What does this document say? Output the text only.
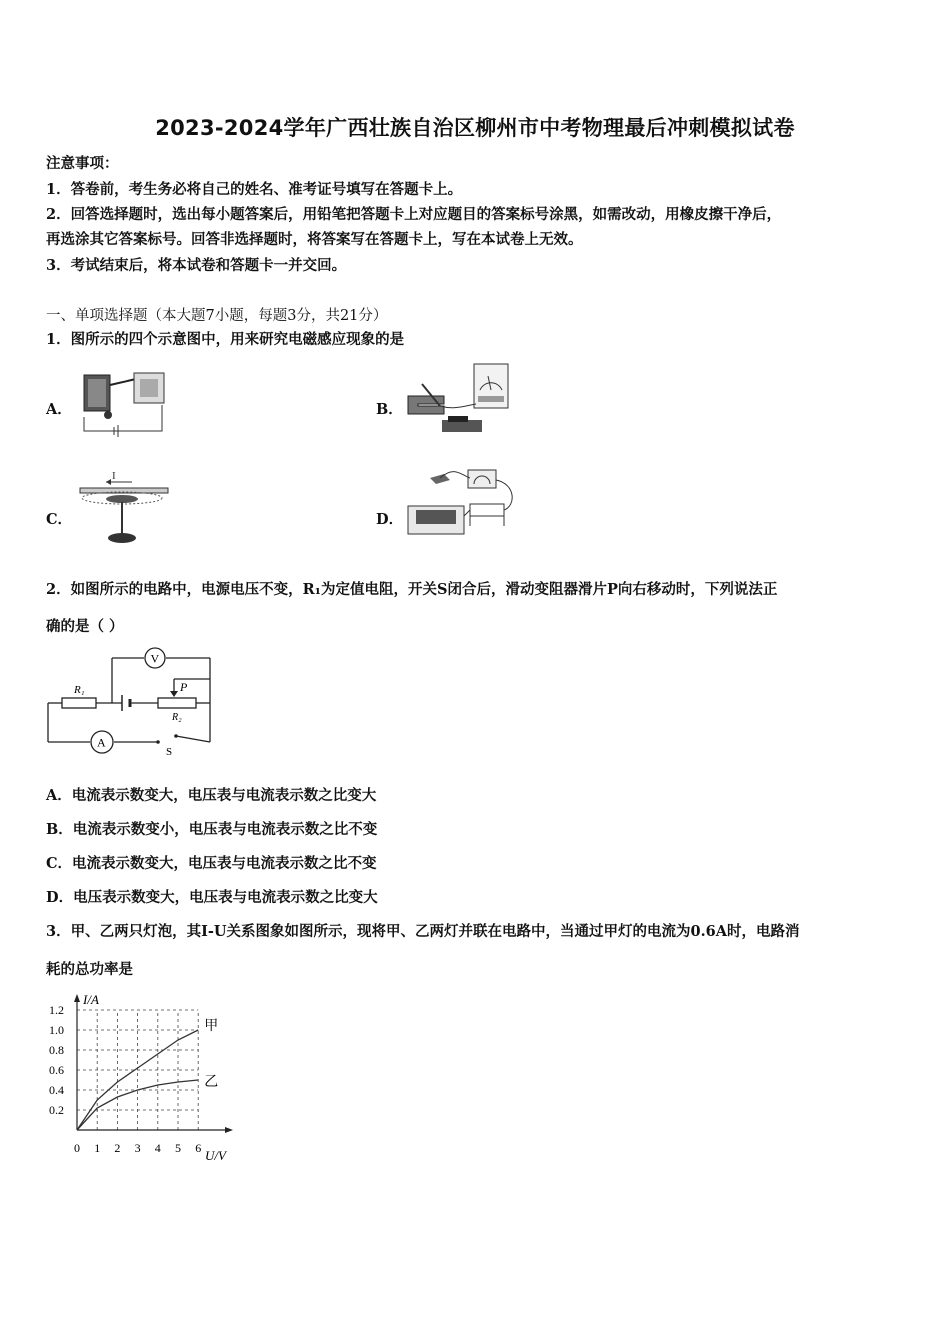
2023-2024学年广西壮族自治区柳州市中考物理最后冲刺模拟试卷
注意事项：
1．答卷前，考生务必将自己的姓名、准考证号填写在答题卡上。
2．回答选择题时，选出每小题答案后，用铅笔把答题卡上对应题目的答案标号涂黑，如需改动，用橡皮擦干净后，
再选涂其它答案标号。回答非选择题时，将答案写在答题卡上，写在本试卷上无效。
3．考试结束后，将本试卷和答题卡一并交回。
一、单项选择题（本大题7小题，每题3分，共21分）
1．图所示的四个示意图中，用来研究电磁感应现象的是
A．	B．
C．	D．
I
2．如图所示的电路中，电源电压不变，R₁为定值电阻，开关S闭合后，滑动变阻器滑片P向右移动时，下列说法正
确的是（ ）
V
A
R₁
R₂
P
S
A．电流表示数变大，电压表与电流表示数之比变大
B．电流表示数变小，电压表与电流表示数之比不变
C．电流表示数变大，电压表与电流表示数之比不变
D．电压表示数变大，电压表与电流表示数之比变大
3．甲、乙两只灯泡，其I-U关系图象如图所示，现将甲、乙两灯并联在电路中，当通过甲灯的电流为0.6A时，电路消
耗的总功率是
0 1 2 3 4 5 6
0.2
0.4
0.6
0.8
1.0
1.2
I/A
U/V
甲
乙
